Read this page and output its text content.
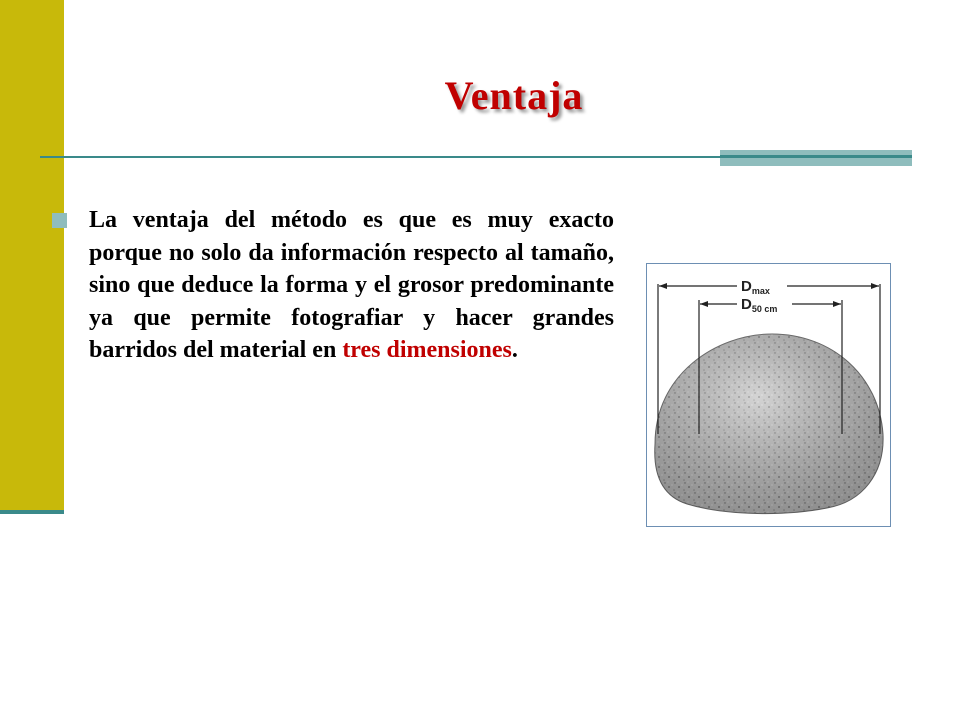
Ventaja

La ventaja del método es que es muy exacto porque no solo da información respecto al tamaño, sino que deduce la forma y el grosor predominante ya que permite fotografiar y hacer grandes barridos del material en tres dimensiones.

$D_{max}$
$D_{50 cm}$
